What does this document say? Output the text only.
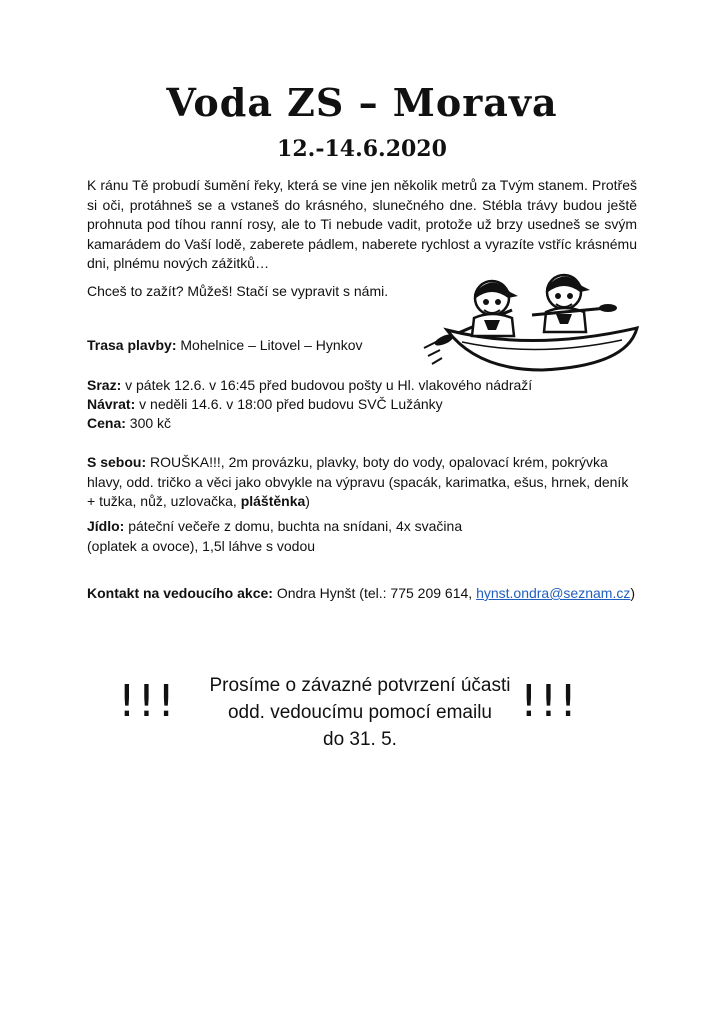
Voda ZS – Morava
12.-14.6.2020
K ránu Tě probudí šumění řeky, která se vine jen několik metrů za Tvým stanem. Protřeš si oči, protáhneš se a vstaneš do krásného, slunečného dne. Stébla trávy budou ještě prohnuta pod tíhou ranní rosy, ale to Ti nebude vadit, protože už brzy usedneš se svým kamarádem do Vaší lodě, zaberete pádlem, naberete rychlost a vyrazíte vstříc krásnému dni, plnému nových zážitků…
Chceš to zažít? Můžeš! Stačí se vypravit s námi.
Trasa plavby: Mohelnice – Litovel – Hynkov
Sraz: v pátek 12.6. v 16:45 před budovou pošty u Hl. vlakového nádraží
Návrat: v neděli 14.6. v 18:00 před budovu SVČ Lužánky
Cena: 300 kč
S sebou: ROUŠKA!!!, 2m provázku, plavky, boty do vody, opalovací krém, pokrývka hlavy, odd. tričko a věci jako obvykle na výpravu (spacák, karimatka, ešus, hrnek, deník + tužka, nůž, uzlovačka, pláštěnka)
Jídlo: páteční večeře z domu, buchta na snídani, 4x svačina (oplatek a ovoce), 1,5l láhve s vodou
Kontakt na vedoucího akce: Ondra Hynšt (tel.: 775 209 614, hynst.ondra@seznam.cz)
!!!	Prosíme o závazné potvrzení účasti
odd. vedoucímu pomocí emailu
do 31. 5.
!!!
